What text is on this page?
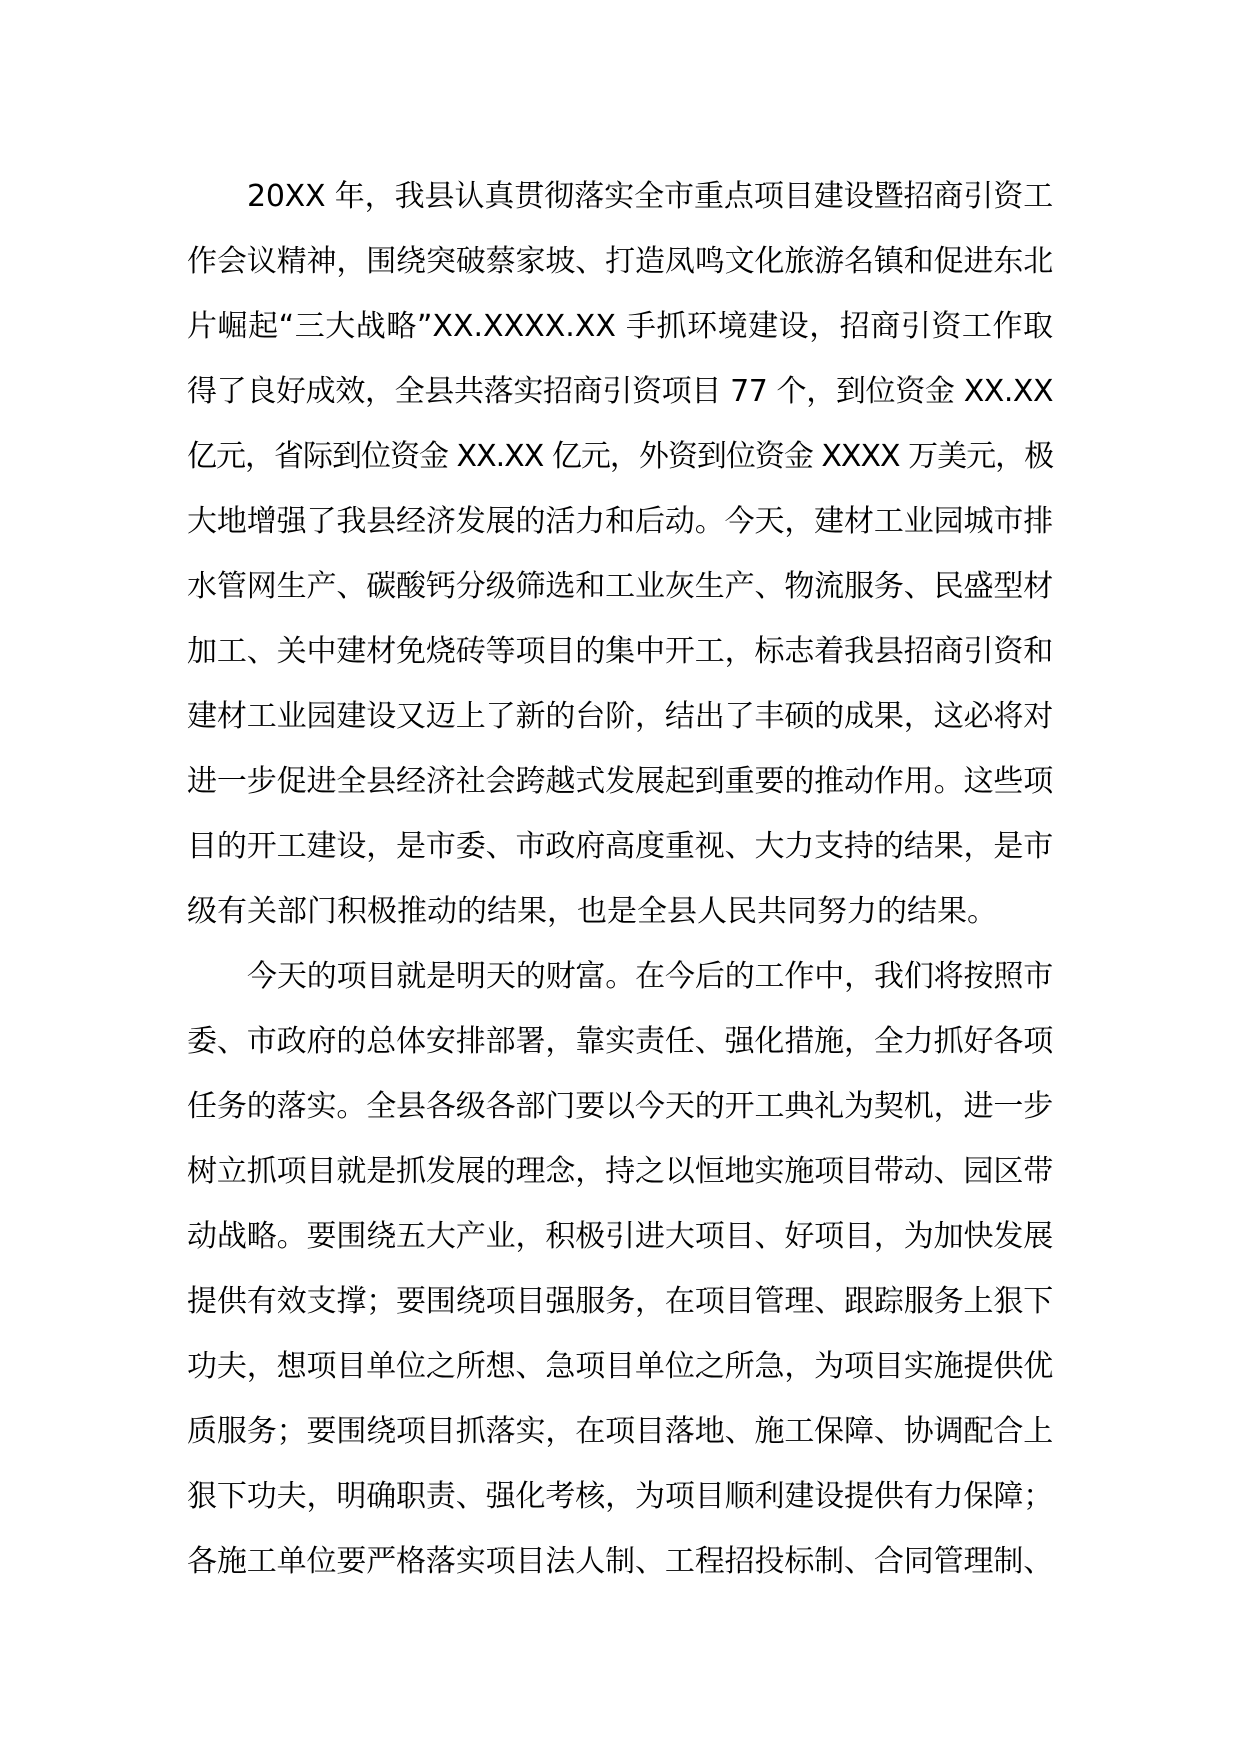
20XX 年，我县认真贯彻落实全市重点项目建设暨招商引资工
作会议精神，围绕突破蔡家坡、打造凤鸣文化旅游名镇和促进东北
片崛起“三大战略”XX.XXXX.XX 手抓环境建设，招商引资工作取
得了良好成效，全县共落实招商引资项目 77 个，到位资金 XX.XX
亿元，省际到位资金 XX.XX 亿元，外资到位资金 XXXX 万美元，极
大地增强了我县经济发展的活力和后动。今天，建材工业园城市排
水管网生产、碳酸钙分级筛选和工业灰生产、物流服务、民盛型材
加工、关中建材免烧砖等项目的集中开工，标志着我县招商引资和
建材工业园建设又迈上了新的台阶，结出了丰硕的成果，这必将对
进一步促进全县经济社会跨越式发展起到重要的推动作用。这些项
目的开工建设，是市委、市政府高度重视、大力支持的结果，是市
级有关部门积极推动的结果，也是全县人民共同努力的结果。
今天的项目就是明天的财富。在今后的工作中，我们将按照市
委、市政府的总体安排部署，靠实责任、强化措施，全力抓好各项
任务的落实。全县各级各部门要以今天的开工典礼为契机，进一步
树立抓项目就是抓发展的理念，持之以恒地实施项目带动、园区带
动战略。要围绕五大产业，积极引进大项目、好项目，为加快发展
提供有效支撑；要围绕项目强服务，在项目管理、跟踪服务上狠下
功夫，想项目单位之所想、急项目单位之所急，为项目实施提供优
质服务；要围绕项目抓落实，在项目落地、施工保障、协调配合上
狠下功夫，明确职责、强化考核，为项目顺利建设提供有力保障；
各施工单位要严格落实项目法人制、工程招投标制、合同管理制、
